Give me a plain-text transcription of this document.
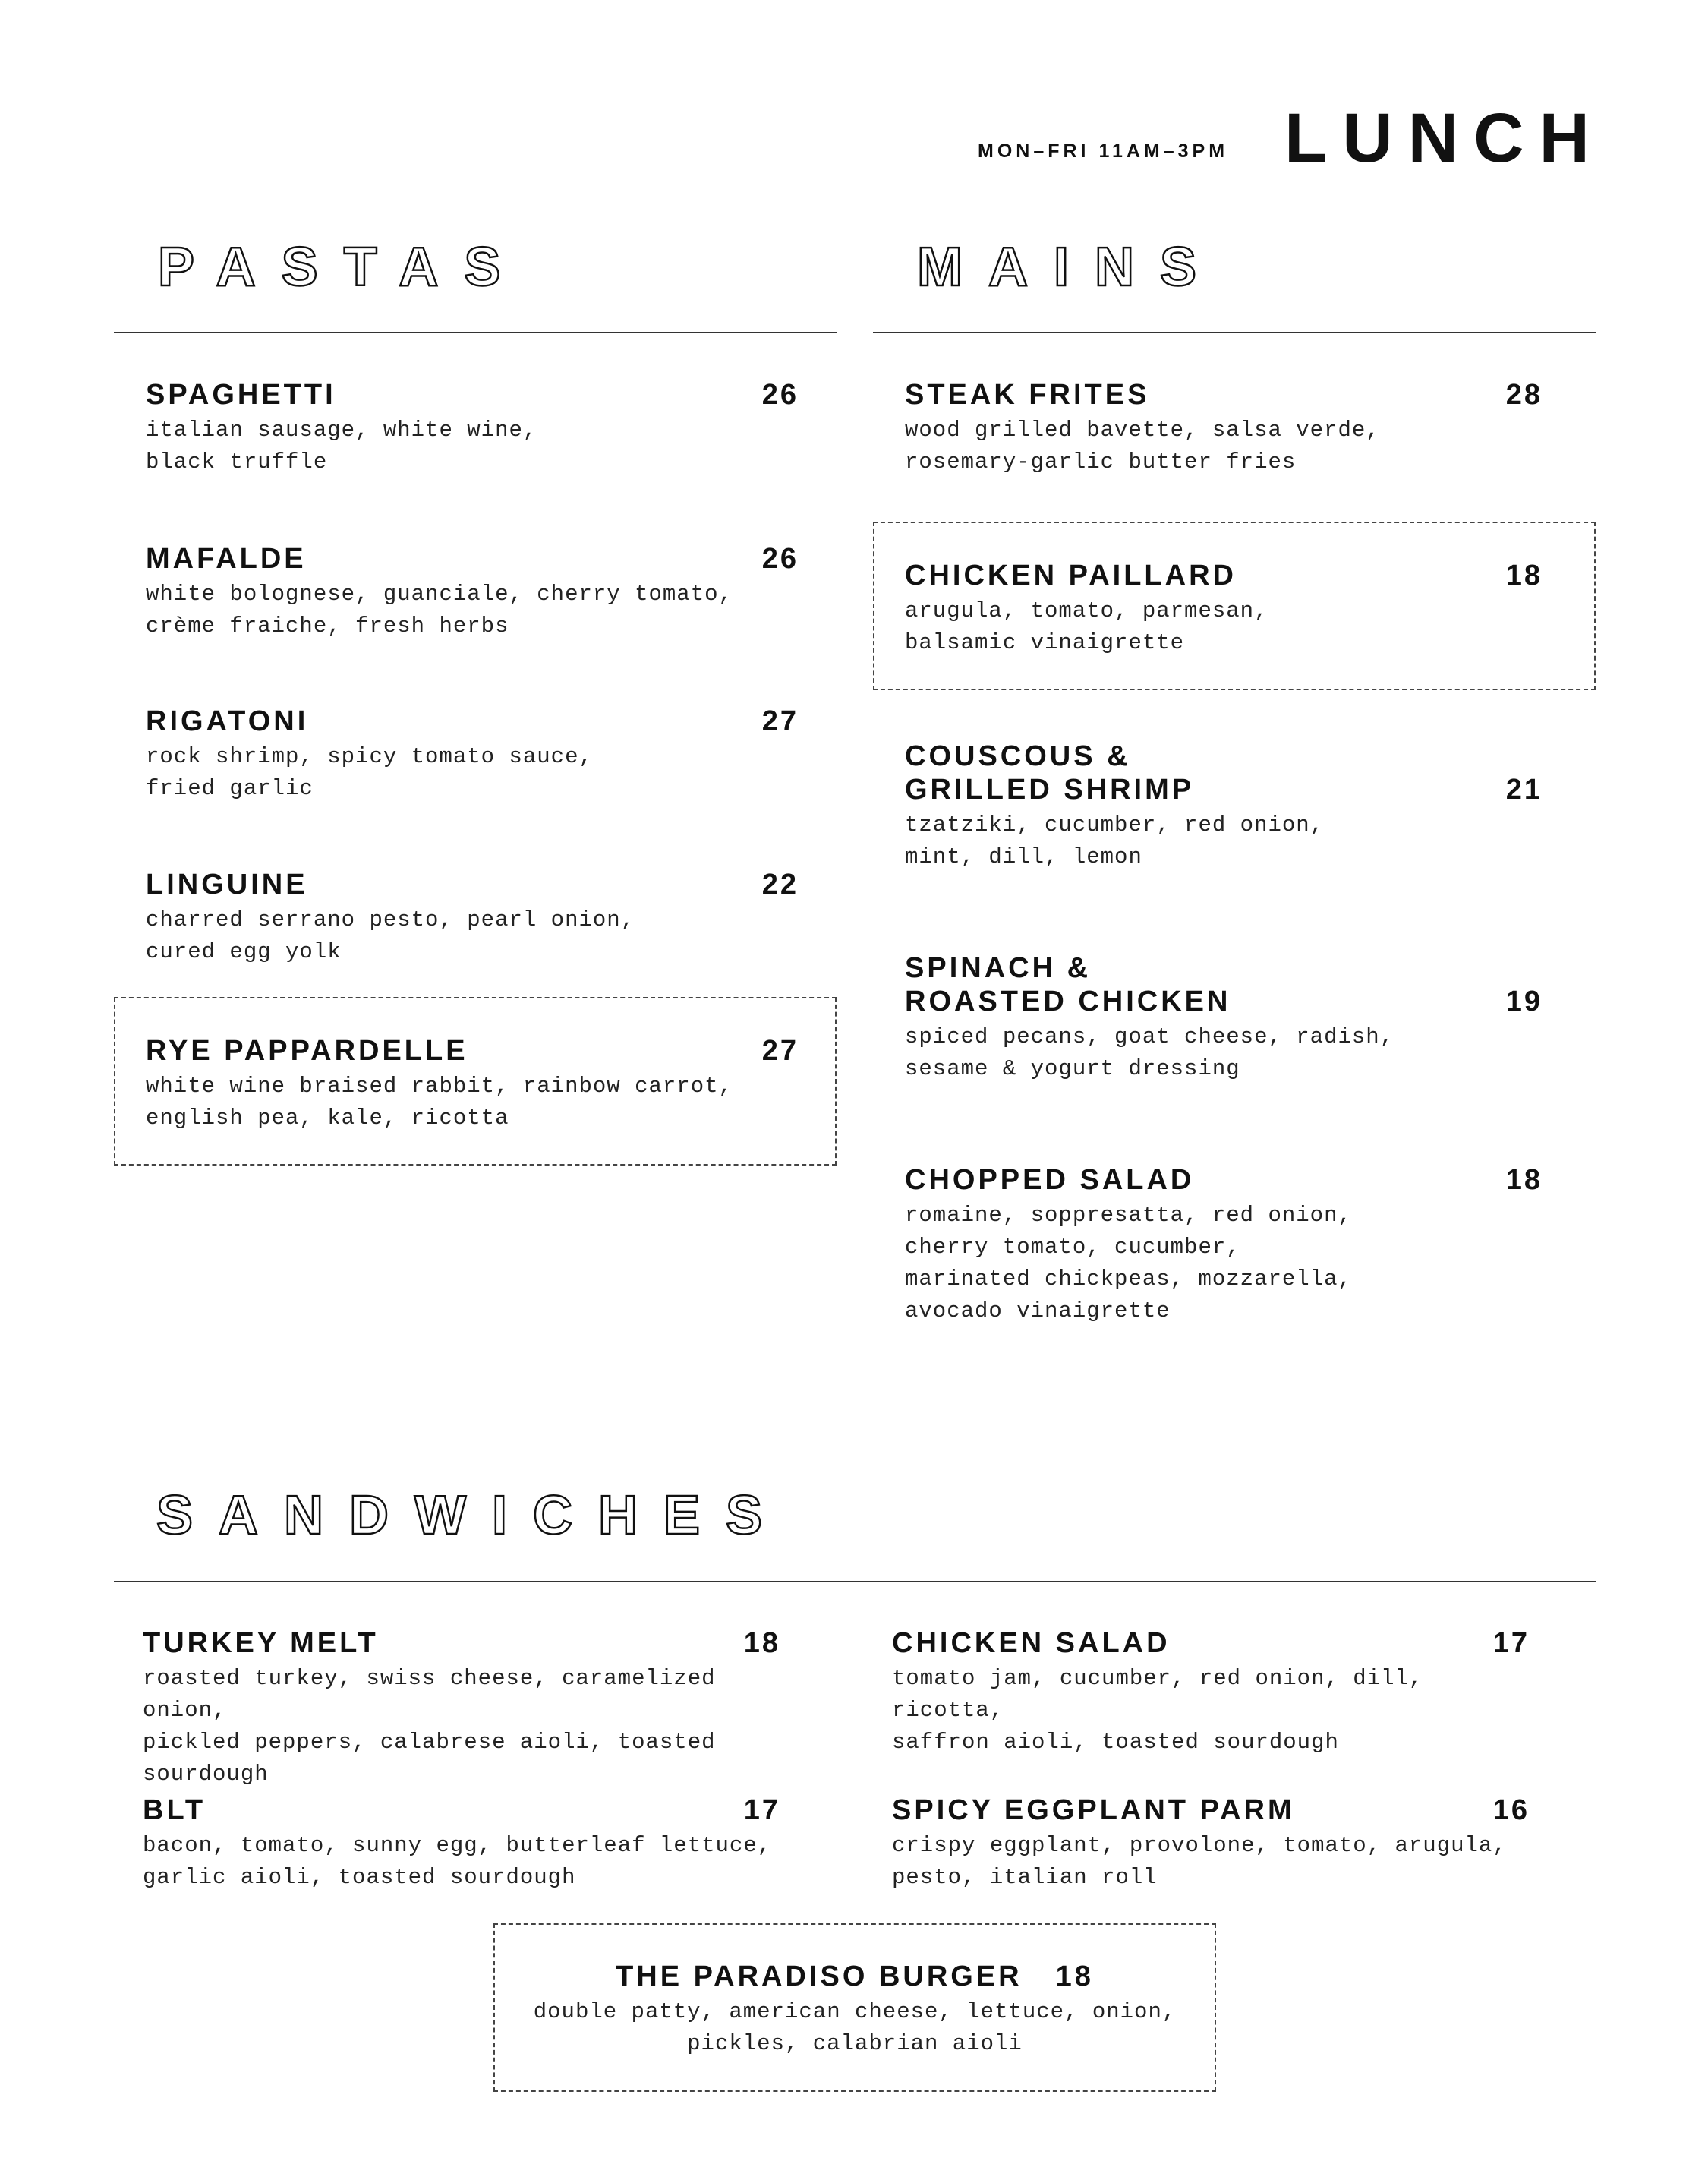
MON–FRI 11AM–3PM LUNCH
PASTAS
SPAGHETTI	26
italian sausage, white wine,
black truffle
MAFALDE	26
white bolognese, guanciale, cherry tomato,
crème fraiche, fresh herbs
RIGATONI	27
rock shrimp, spicy tomato sauce,
fried garlic
LINGUINE	22
charred serrano pesto, pearl onion,
cured egg yolk
RYE PAPPARDELLE	27
white wine braised rabbit, rainbow carrot,
english pea, kale, ricotta
MAINS
STEAK FRITES	28
wood grilled bavette, salsa verde,
rosemary-garlic butter fries
CHICKEN PAILLARD	18
arugula, tomato, parmesan,
balsamic vinaigrette
COUSCOUS &
GRILLED SHRIMP	21
tzatziki, cucumber, red onion,
mint, dill, lemon
SPINACH &
ROASTED CHICKEN	19
spiced pecans, goat cheese, radish,
sesame & yogurt dressing
CHOPPED SALAD	18
romaine, soppresatta, red onion,
cherry tomato, cucumber,
marinated chickpeas, mozzarella,
avocado vinaigrette
SANDWICHES
TURKEY MELT	18
roasted turkey, swiss cheese, caramelized onion,
pickled peppers, calabrese aioli, toasted sourdough
CHICKEN SALAD	17
tomato jam, cucumber, red onion, dill, ricotta,
saffron aioli, toasted sourdough
BLT	17
bacon, tomato, sunny egg, butterleaf lettuce,
garlic aioli, toasted sourdough
SPICY EGGPLANT PARM	16
crispy eggplant, provolone, tomato, arugula,
pesto, italian roll
THE PARADISO BURGER 18
double patty, american cheese, lettuce, onion,
pickles, calabrian aioli
